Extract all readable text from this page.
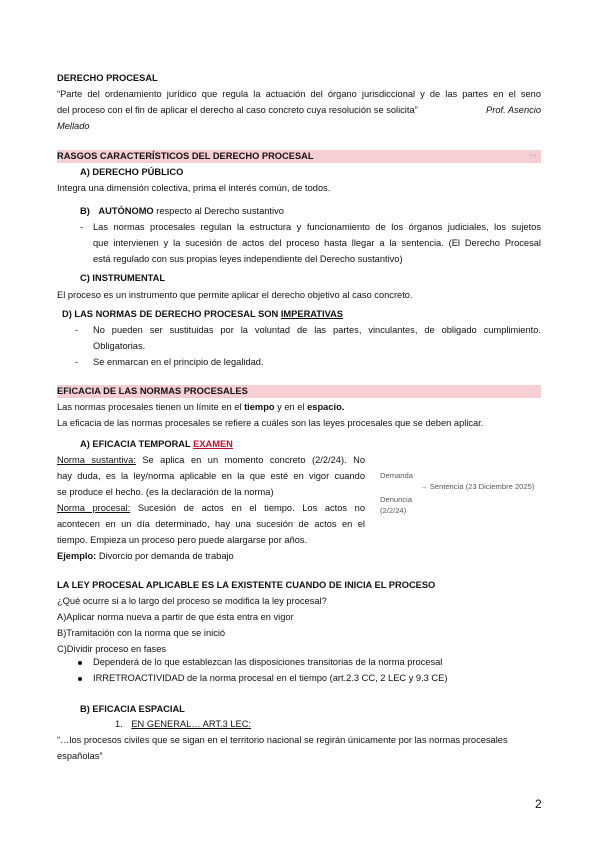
DERECHO PROCESAL
“Parte del ordenamiento jurídico que regula la actuación del órgano jurisdiccional y de las partes en el seno
del proceso con el fin de aplicar el derecho al caso concreto cuya resolución se solicita”	Prof. Asencio
Mellado
RASGOS CARACTERÍSTICOS DEL DERECHO PROCESAL	●●
A) DERECHO PÚBLICO
Integra una dimensión colectiva, prima el interés común, de todos.
B) AUTÓNOMO respecto al Derecho sustantivo
- Las normas procesales regulan la estructura y funcionamiento de los órganos judiciales, los sujetos
que intervienen y la sucesión de actos del proceso hasta llegar a la sentencia. (El Derecho Procesal
está regulado con sus propias leyes independiente del Derecho sustantivo)
C) INSTRUMENTAL
El proceso es un instrumento que permite aplicar el derecho objetivo al caso concreto.
D) LAS NORMAS DE DERECHO PROCESAL SON IMPERATIVAS
- No pueden ser sustituidas por la voluntad de las partes, vinculantes, de obligado cumplimiento.
Obligatorias.
- Se enmarcan en el principio de legalidad.
EFICACIA DE LAS NORMAS PROCESALES
Las normas procesales tienen un límite en el tiempo y en el espacio.
La eficacia de las normas procesales se refiere a cuáles son las leyes procesales que se deben aplicar.
A) EFICACIA TEMPORAL EXAMEN
Norma sustantiva: Se aplica en un momento concreto (2/2/24). No
hay duda, es la ley/norma aplicable en la que esté en vigor cuando
se produce el hecho. (es la declaración de la norma)
Norma procesal: Sucesión de actos en el tiempo. Los actos no
acontecen en un día determinado, hay una sucesión de actos en el
tiempo. Empieza un proceso pero puede alargarse por años.
Ejemplo: Divorcio por demanda de trabajo
Demanda
→ Sentencia (23 Diciembre 2025)
Denuncia
(2/2/24)
LA LEY PROCESAL APLICABLE ES LA EXISTENTE CUANDO DE INICIA EL PROCESO
¿Qué ocurre si a lo largo del proceso se modifica la ley procesal?
A)Aplicar norma nueva a partir de que ésta entra en vigor
B)Tramitación con la norma que se inició
C)Dividir proceso en fases
Dependerá de lo que establezcan las disposiciones transitorias de la norma procesal
IRRETROACTIVIDAD de la norma procesal en el tiempo (art.2.3 CC, 2 LEC y 9.3 CE)
B) EFICACIA ESPACIAL
1. EN GENERAL… ART.3 LEC:
“…los procesos civiles que se sigan en el territorio nacional se regirán únicamente por las normas procesales
españolas”
2
